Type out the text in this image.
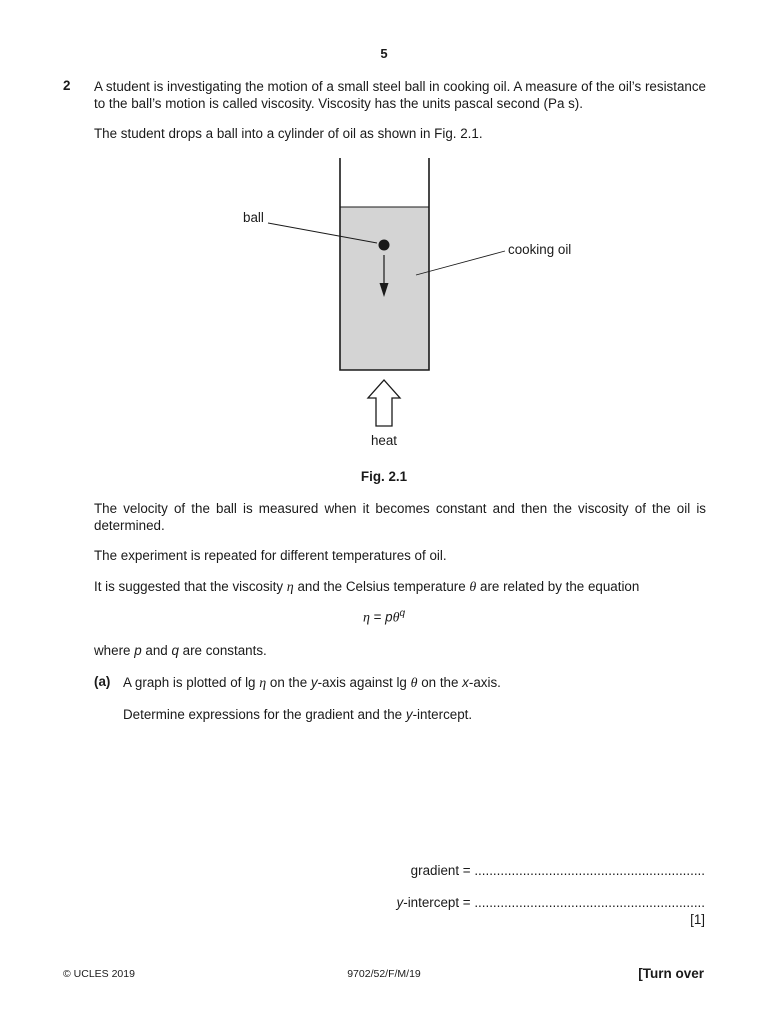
5
2 A student is investigating the motion of a small steel ball in cooking oil. A measure of the oil’s resistance to the ball’s motion is called viscosity. Viscosity has the units pascal second (Pa s).
The student drops a ball into a cylinder of oil as shown in Fig. 2.1.
ball
cooking oil
heat
Fig. 2.1
The velocity of the ball is measured when it becomes constant and then the viscosity of the oil is determined.
The experiment is repeated for different temperatures of oil.
It is suggested that the viscosity η and the Celsius temperature θ are related by the equation
$\eta = p\theta^q$
where p and q are constants.
(a) A graph is plotted of lg η on the y-axis against lg θ on the x-axis.
Determine expressions for the gradient and the y-intercept.
gradient = ..............................................................
y-intercept = ..............................................................
[1]
© UCLES 2019	9702/52/F/M/19	[Turn over
